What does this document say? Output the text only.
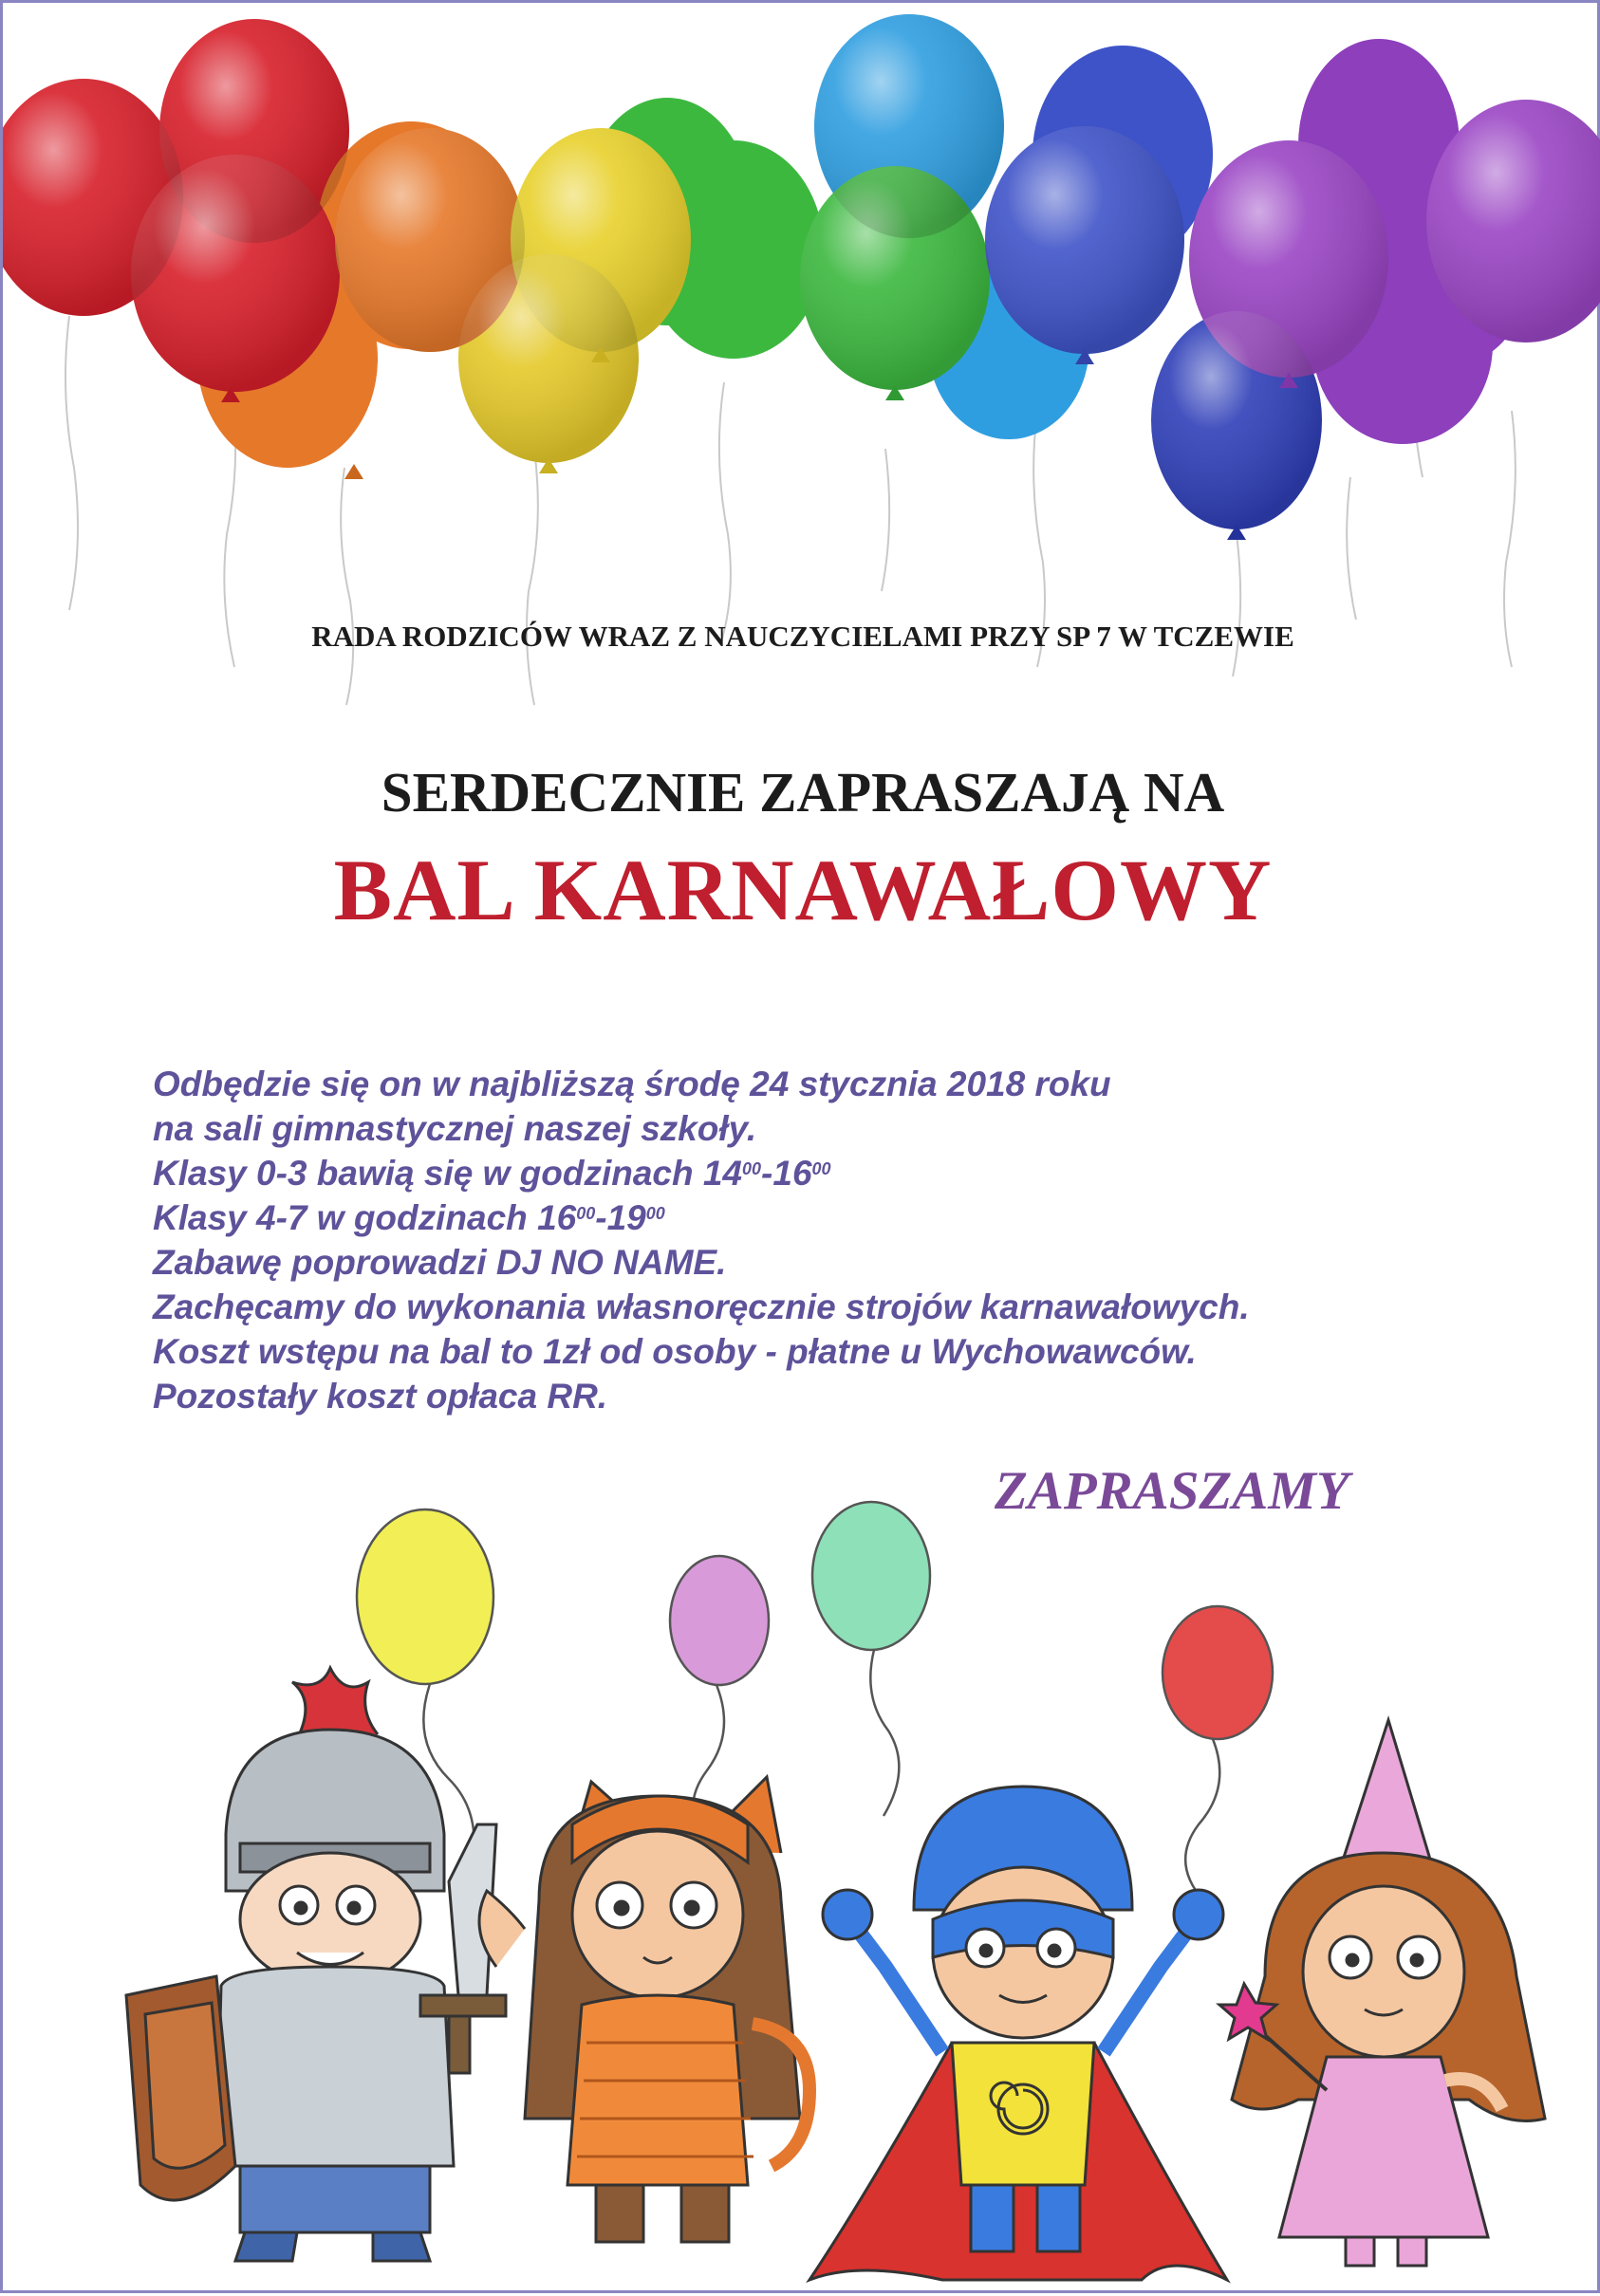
RADA RODZICÓW WRAZ Z NAUCZYCIELAMI PRZY SP 7 W TCZEWIE

SERDECZNIE ZAPRASZAJĄ NA

BAL KARNAWAŁOWY
Odbędzie się on w najbliższą środę 24 stycznia 2018 roku
na sali gimnastycznej naszej szkoły.
Klasy 0-3 bawią się w godzinach $14^{00}-16^{00}$
Klasy 4-7 w godzinach $16^{00}-19^{00}$
Zabawę poprowadzi DJ NO NAME.
Zachęcamy do wykonania własnoręcznie strojów karnawałowych.
Koszt wstępu na bal to 1zł od osoby - płatne u Wychowawców.
Pozostały koszt opłaca RR.

ZAPRASZAMY
